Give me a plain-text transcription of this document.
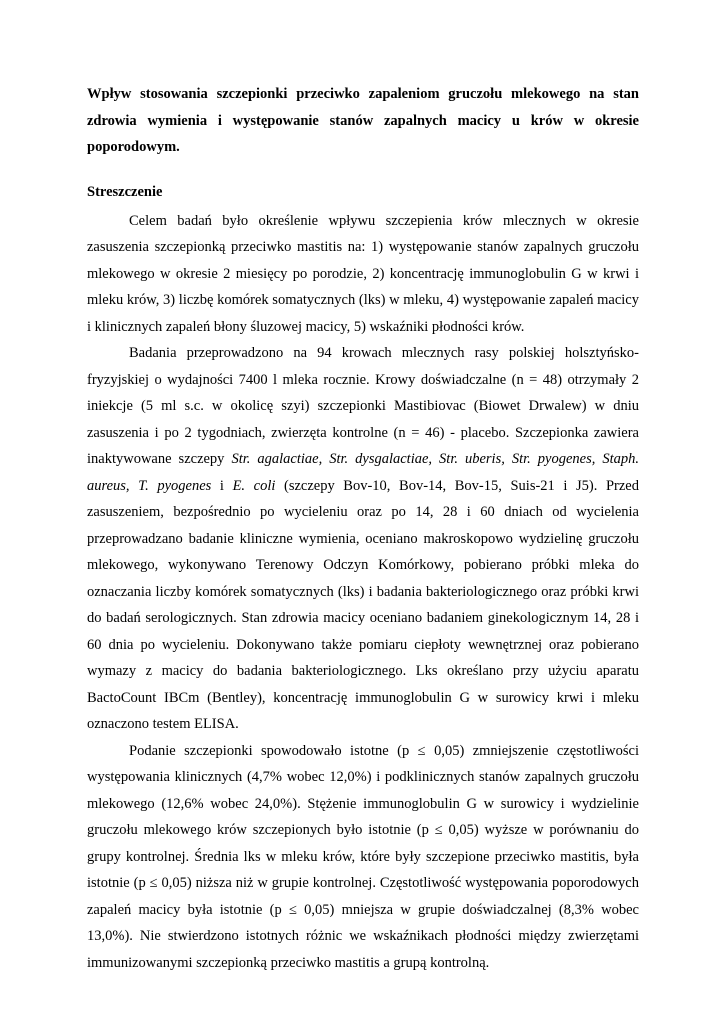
Wpływ stosowania szczepionki przeciwko zapaleniom gruczołu mlekowego na stan zdrowia wymienia i występowanie stanów zapalnych macicy u krów w okresie poporodowym.

Streszczenie

Celem badań było określenie wpływu szczepienia krów mlecznych w okresie zasuszenia szczepionką przeciwko mastitis na: 1) występowanie stanów zapalnych gruczołu mlekowego w okresie 2 miesięcy po porodzie, 2) koncentrację immunoglobulin G w krwi i mleku krów, 3) liczbę komórek somatycznych (lks) w mleku, 4) występowanie zapaleń macicy i klinicznych zapaleń błony śluzowej macicy, 5) wskaźniki płodności krów.

Badania przeprowadzono na 94 krowach mlecznych rasy polskiej holsztyńsko-fryzyjskiej o wydajności 7400 l mleka rocznie. Krowy doświadczalne (n = 48) otrzymały 2 iniekcje (5 ml s.c. w okolicę szyi) szczepionki Mastibiovac (Biowet Drwalew) w dniu zasuszenia i po 2 tygodniach, zwierzęta kontrolne (n = 46) - placebo. Szczepionka zawiera inaktywowane szczepy Str. agalactiae, Str. dysgalactiae, Str. uberis, Str. pyogenes, Staph. aureus, T. pyogenes i E. coli (szczepy Bov-10, Bov-14, Bov-15, Suis-21 i J5). Przed zasuszeniem, bezpośrednio po wycieleniu oraz po 14, 28 i 60 dniach od wycielenia przeprowadzano badanie kliniczne wymienia, oceniano makroskopowo wydzielinę gruczołu mlekowego, wykonywano Terenowy Odczyn Komórkowy, pobierano próbki mleka do oznaczania liczby komórek somatycznych (lks) i badania bakteriologicznego oraz próbki krwi do badań serologicznych. Stan zdrowia macicy oceniano badaniem ginekologicznym 14, 28 i 60 dnia po wycieleniu. Dokonywano także pomiaru ciepłoty wewnętrznej oraz pobierano wymazy z macicy do badania bakteriologicznego. Lks określano przy użyciu aparatu BactoCount IBCm (Bentley), koncentrację immunoglobulin G w surowicy krwi i mleku oznaczono testem ELISA.

Podanie szczepionki spowodowało istotne (p ≤ 0,05) zmniejszenie częstotliwości występowania klinicznych (4,7% wobec 12,0%) i podklinicznych stanów zapalnych gruczołu mlekowego (12,6% wobec 24,0%). Stężenie immunoglobulin G w surowicy i wydzielinie gruczołu mlekowego krów szczepionych było istotnie (p ≤ 0,05) wyższe w porównaniu do grupy kontrolnej. Średnia lks w mleku krów, które były szczepione przeciwko mastitis, była istotnie (p ≤ 0,05) niższa niż w grupie kontrolnej. Częstotliwość występowania poporodowych zapaleń macicy była istotnie (p ≤ 0,05) mniejsza w grupie doświadczalnej (8,3% wobec 13,0%). Nie stwierdzono istotnych różnic we wskaźnikach płodności między zwierzętami immunizowanymi szczepionką przeciwko mastitis a grupą kontrolną.
